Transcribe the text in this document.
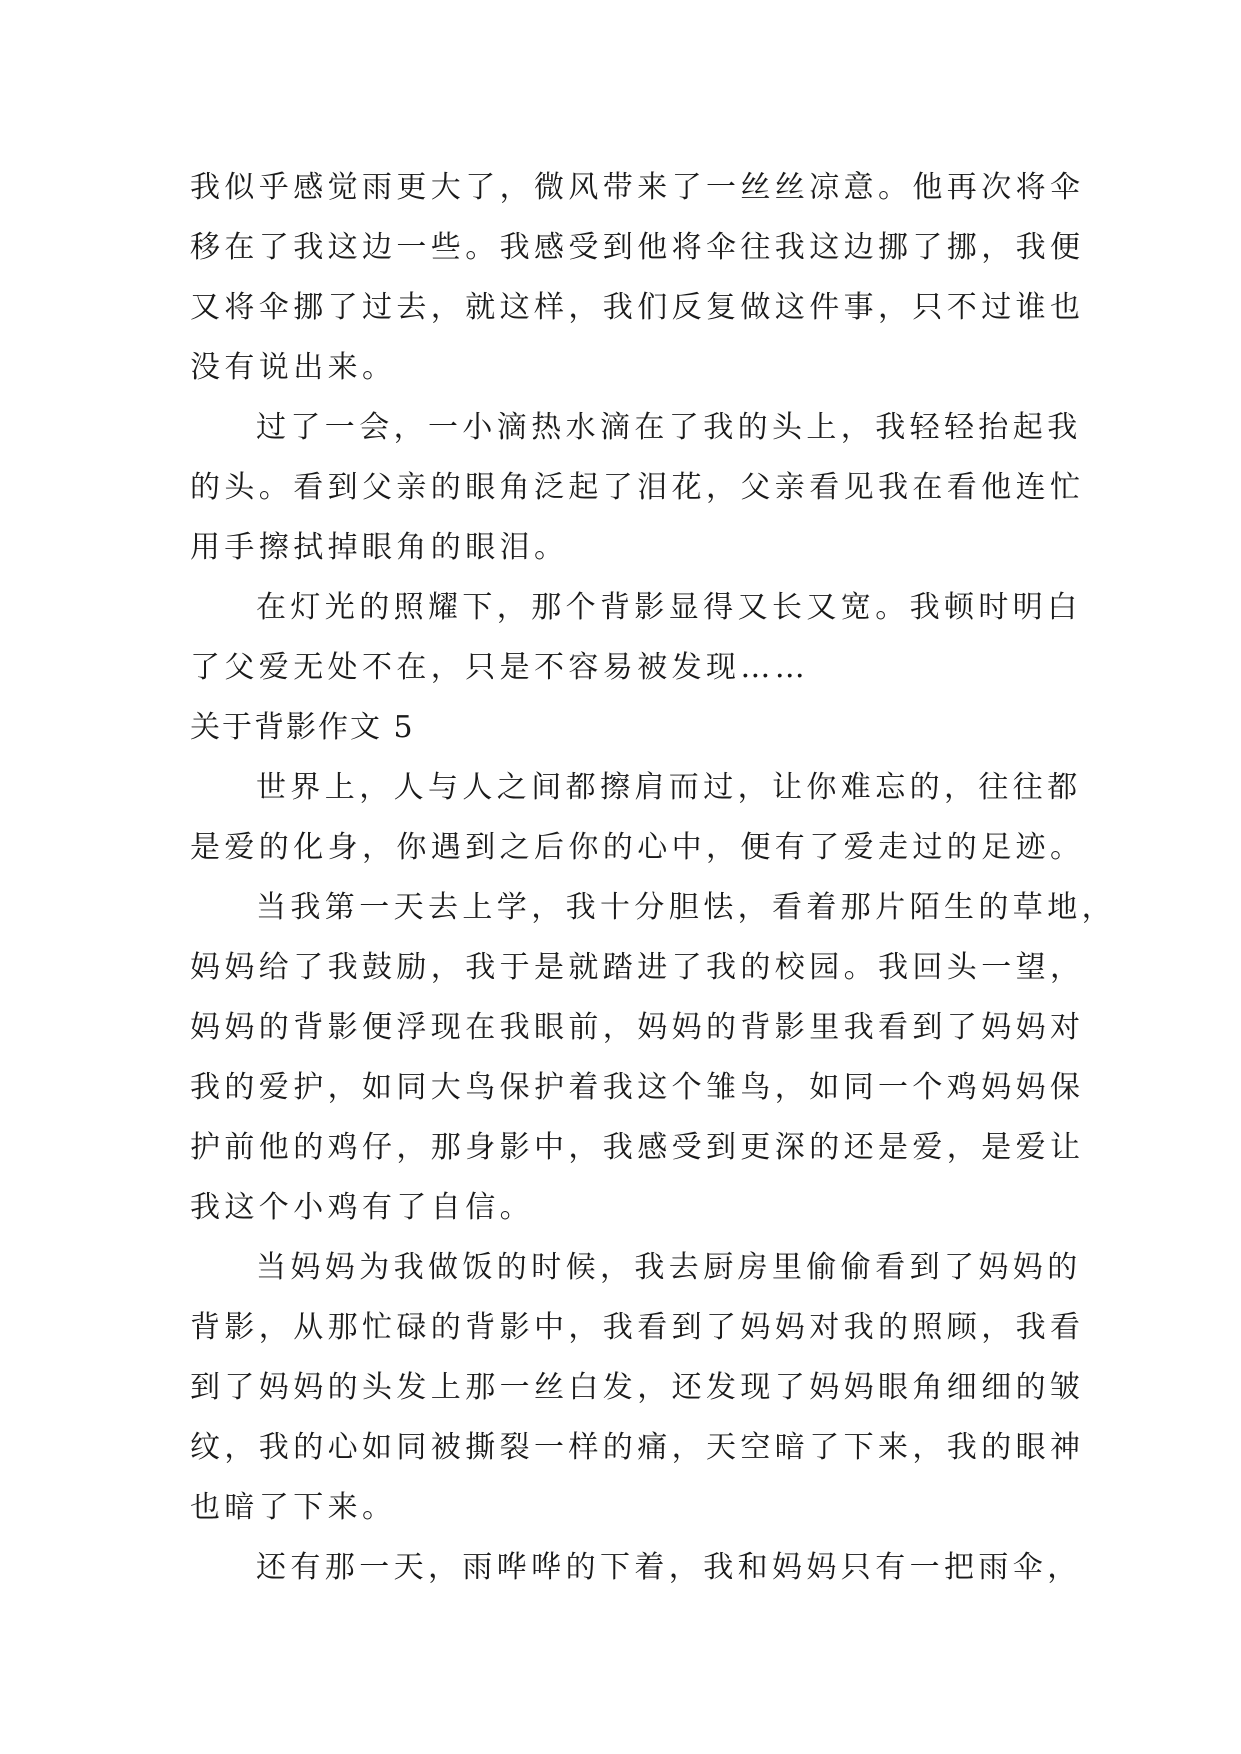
我似乎感觉雨更大了，微风带来了一丝丝凉意。他再次将伞
移在了我这边一些。我感受到他将伞往我这边挪了挪，我便
又将伞挪了过去，就这样，我们反复做这件事，只不过谁也
没有说出来。
过了一会，一小滴热水滴在了我的头上，我轻轻抬起我
的头。看到父亲的眼角泛起了泪花，父亲看见我在看他连忙
用手擦拭掉眼角的眼泪。
在灯光的照耀下，那个背影显得又长又宽。我顿时明白
了父爱无处不在，只是不容易被发现……
关于背影作文 5
世界上，人与人之间都擦肩而过，让你难忘的，往往都
是爱的化身，你遇到之后你的心中，便有了爱走过的足迹。
当我第一天去上学，我十分胆怯，看着那片陌生的草地，
妈妈给了我鼓励，我于是就踏进了我的校园。我回头一望，
妈妈的背影便浮现在我眼前，妈妈的背影里我看到了妈妈对
我的爱护，如同大鸟保护着我这个雏鸟，如同一个鸡妈妈保
护前他的鸡仔，那身影中，我感受到更深的还是爱，是爱让
我这个小鸡有了自信。
当妈妈为我做饭的时候，我去厨房里偷偷看到了妈妈的
背影，从那忙碌的背影中，我看到了妈妈对我的照顾，我看
到了妈妈的头发上那一丝白发，还发现了妈妈眼角细细的皱
纹，我的心如同被撕裂一样的痛，天空暗了下来，我的眼神
也暗了下来。
还有那一天，雨哗哗的下着，我和妈妈只有一把雨伞，
